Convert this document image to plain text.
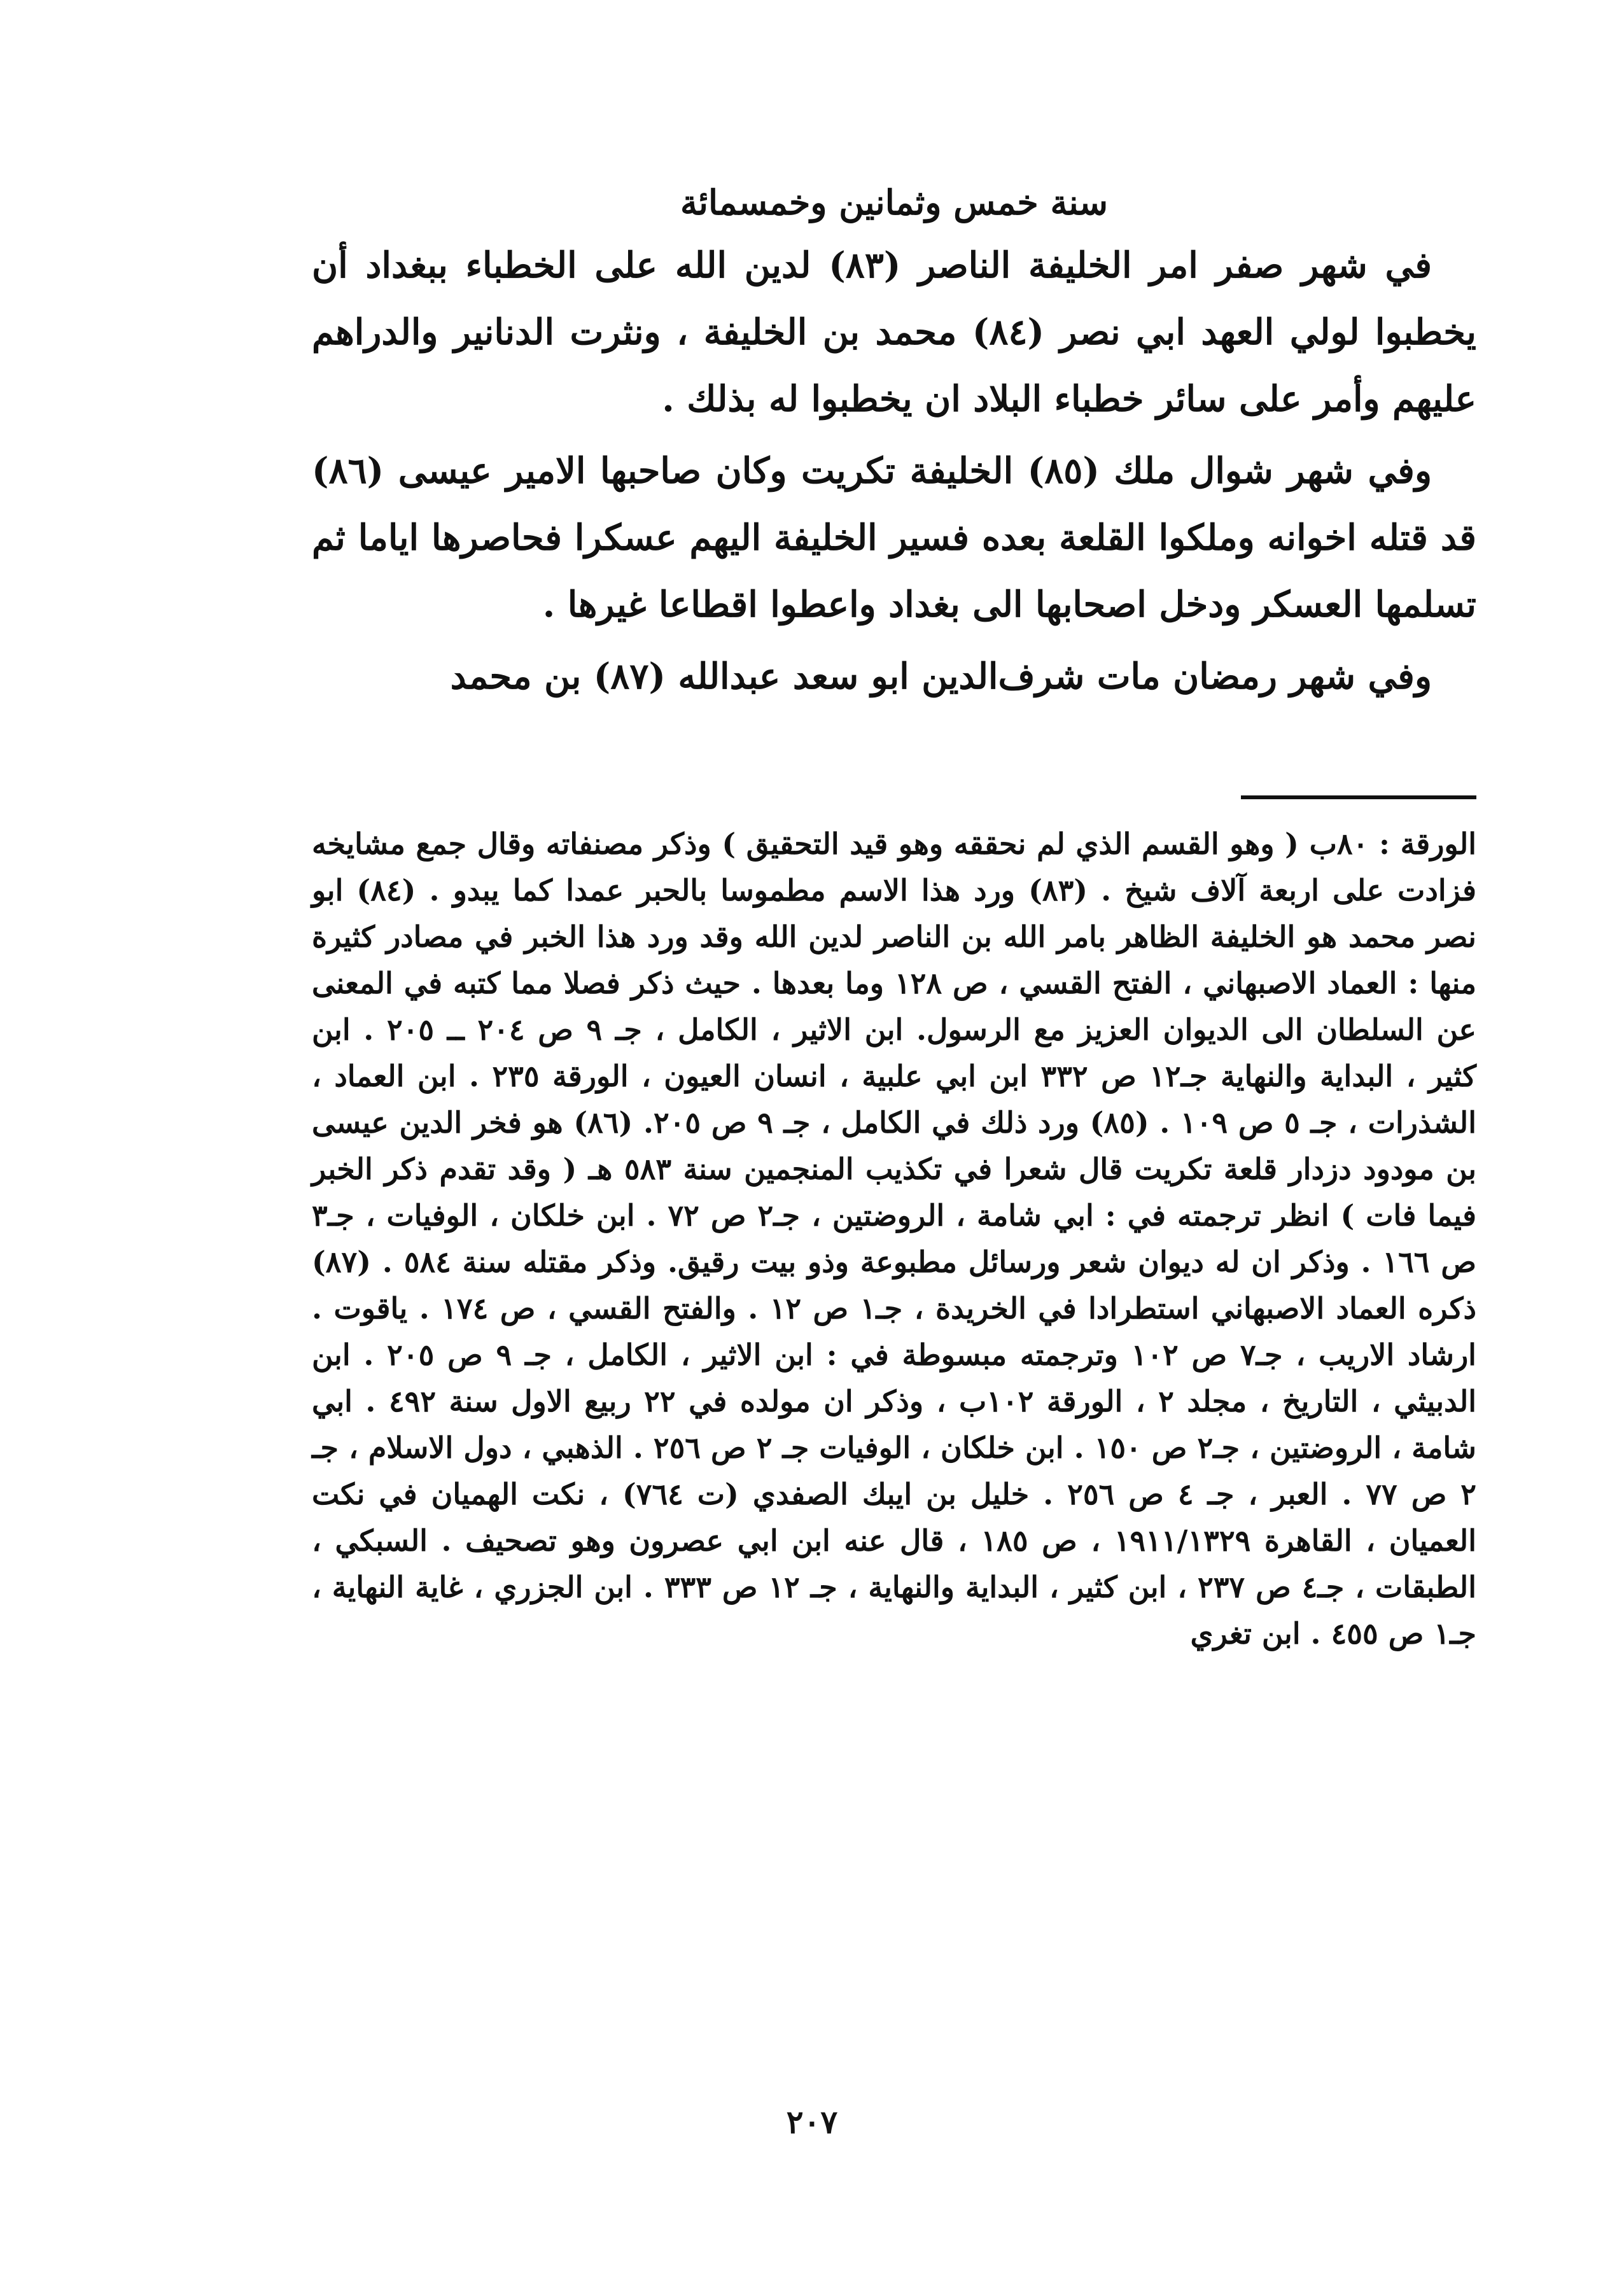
سنة خمس وثمانين وخمسمائة

في شهر صفر امر الخليفة الناصر (٨٣) لدين الله على الخطباء ببغداد أن يخطبوا لولي العهد ابي نصر (٨٤) محمد بن الخليفة ، ونثرت الدنانير والدراهم عليهم وأمر على سائر خطباء البلاد ان يخطبوا له بذلك .

وفي شهر شوال ملك (٨٥) الخليفة تكريت وكان صاحبها الامير عيسى (٨٦) قد قتله اخوانه وملكوا القلعة بعده فسير الخليفة اليهم عسكرا فحاصرها اياما ثم تسلمها العسكر ودخل اصحابها الى بغداد واعطوا اقطاعا غيرها .

وفي شهر رمضان مات شرف‌الدين ابو سعد عبدالله (٨٧) بن محمد

الورقة : ٨٠ب ( وهو القسم الذي لم نحققه وهو قيد التحقيق ) وذكر مصنفاته وقال جمع مشايخه فزادت على اربعة آلاف شيخ . (٨٣) ورد هذا الاسم مطموسا بالحبر عمدا كما يبدو . (٨٤) ابو نصر محمد هو الخليفة الظاهر بامر الله بن الناصر لدين الله وقد ورد هذا الخبر في مصادر كثيرة منها : العماد الاصبهاني ، الفتح القسي ، ص ١٢٨ وما بعدها . حيث ذكر فصلا مما كتبه في المعنى عن السلطان الى الديوان العزيز مع الرسول. ابن الاثير ، الكامل ، جـ ٩ ص ٢٠٤ ــ ٢٠٥ . ابن كثير ، البداية والنهاية جـ١٢ ص ٣٣٢ ابن ابي علبية ، انسان العيون ، الورقة ٢٣٥ . ابن العماد ، الشذرات ، جـ ٥ ص ١٠٩ . (٨٥) ورد ذلك في الكامل ، جـ ٩ ص ٢٠٥. (٨٦) هو فخر الدين عيسى بن مودود دزدار قلعة تكريت قال شعرا في تكذيب المنجمين سنة ٥٨٣ هـ ( وقد تقدم ذكر الخبر فيما فات ) انظر ترجمته في : ابي شامة ، الروضتين ، جـ٢ ص ٧٢ . ابن خلكان ، الوفيات ، جـ٣ ص ١٦٦ . وذكر ان له ديوان شعر ورسائل مطبوعة وذو بيت رقيق. وذكر مقتله سنة ٥٨٤ . (٨٧) ذكره العماد الاصبهاني استطرادا في الخريدة ، جـ١ ص ١٢ . والفتح القسي ، ص ١٧٤ . ياقوت . ارشاد الاريب ، جـ٧ ص ١٠٢ وترجمته مبسوطة في : ابن الاثير ، الكامل ، جـ ٩ ص ٢٠٥ . ابن الدبيثي ، التاريخ ، مجلد ٢ ، الورقة ١٠٢ب ، وذكر ان مولده في ٢٢ ربيع الاول سنة ٤٩٢ . ابي شامة ، الروضتين ، جـ٢ ص ١٥٠ . ابن خلكان ، الوفيات جـ ٢ ص ٢٥٦ . الذهبي ، دول الاسلام ، جـ ٢ ص ٧٧ . العبر ، جـ ٤ ص ٢٥٦ . خليل بن ايبك الصفدي (ت ٧٦٤) ، نكت الهميان في نكت العميان ، القاهرة ١٩١١/١٣٢٩ ، ص ١٨٥ ، قال عنه ابن ابي عصرون وهو تصحيف . السبكي ، الطبقات ، جـ٤ ص ٢٣٧ ، ابن كثير ، البداية والنهاية ، جـ ١٢ ص ٣٣٣ . ابن الجزري ، غاية النهاية ، جـ١ ص ٤٥٥ . ابن تغري

٢٠٧
